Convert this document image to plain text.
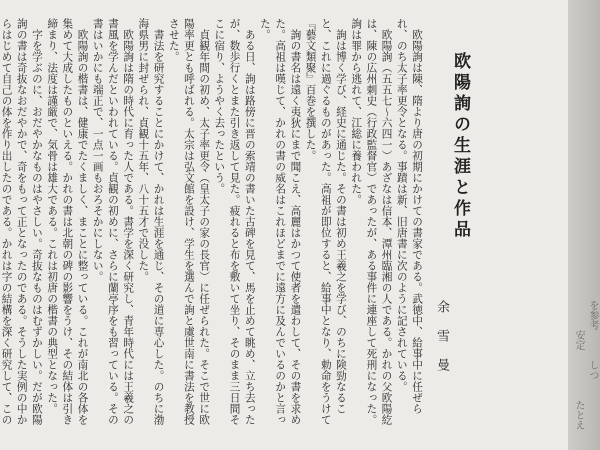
欧陽詢の生涯と作品
余 雪 曼

欧陽詢は陳、隋より唐の初期にかけての書家である。武徳中、給事中に任ぜられ、のち太子率更令となる。事蹟は新、旧唐書に次のように記されている。

欧陽詢（五五七～六四一）あざなは信本、潭州臨湘の人である。かれの父欧陽紇は、陳の広州刺史（行政監督官）であったが、ある事件に連座して死刑になった。詢は罪から逃れて、江総に養われた。

詢は博く学び、経史に通じた。その書は初め王羲之を学び、のちに険勁なること、これに過ぐるものがあった。高祖が即位すると、給事中となり、勅命をうけて『藝文類聚』百巻を撰した。

詢の書名は遠く夷狄にまで聞こえ、高麗はかつて使者を遣わして、その書を求めた。高祖は嘆じて、かれの書の威名はこれほどまでに遠方に及んでいるのかと言った。

ある日、詢は路傍に晋の索靖の書いた古碑を見て、馬を止めて眺め、立ち去ったが、数歩行くとまた引き返して見た。疲れると布を敷いて坐り、そのまま三日間そこに宿り、ようやく去ったという。

貞観年間の初め、太子率更令（皇太子の家の長官）に任ぜられた。そこで世に欧陽率更とも呼ばれる。太宗は弘文館を設け、学生を選んで詢と虞世南に書法を教授させた。

書法を研究することにかけて、かれは生涯を通じ、その道に専心した。のちに渤海県男に封ぜられ、貞観十五年、八十五才で没した。

欧陽詢は隋の時代に育った人である。書学を深く研究し、青年時代には王羲之の書風を学んだといわれている。貞観の初めに、さらに蘭亭序をも習っている。その書はいかにも端正で、一点一画もおろそかにしない。

欧陽詢の楷書は、健康でたくましく、まことに整っている。これが南北の各体を集めて大成したものといえる。かれの書は北朝の碑の影響をうけ、その結体は引き締まり、法度は謹厳で、気骨は雄大である。これは初唐の楷書の典型となった。

字を学ぶのに、おだやかなものはやさしい。奇抜なものはむずかしい。だが欧陽詢の書は奇抜なおだやかで、奇をもって正となったのである。そうした実例の中からはじめて自己の体を作り出したのである。かれは字の結構を深く研究して、この

を参考
しつ
安定
たとえ
